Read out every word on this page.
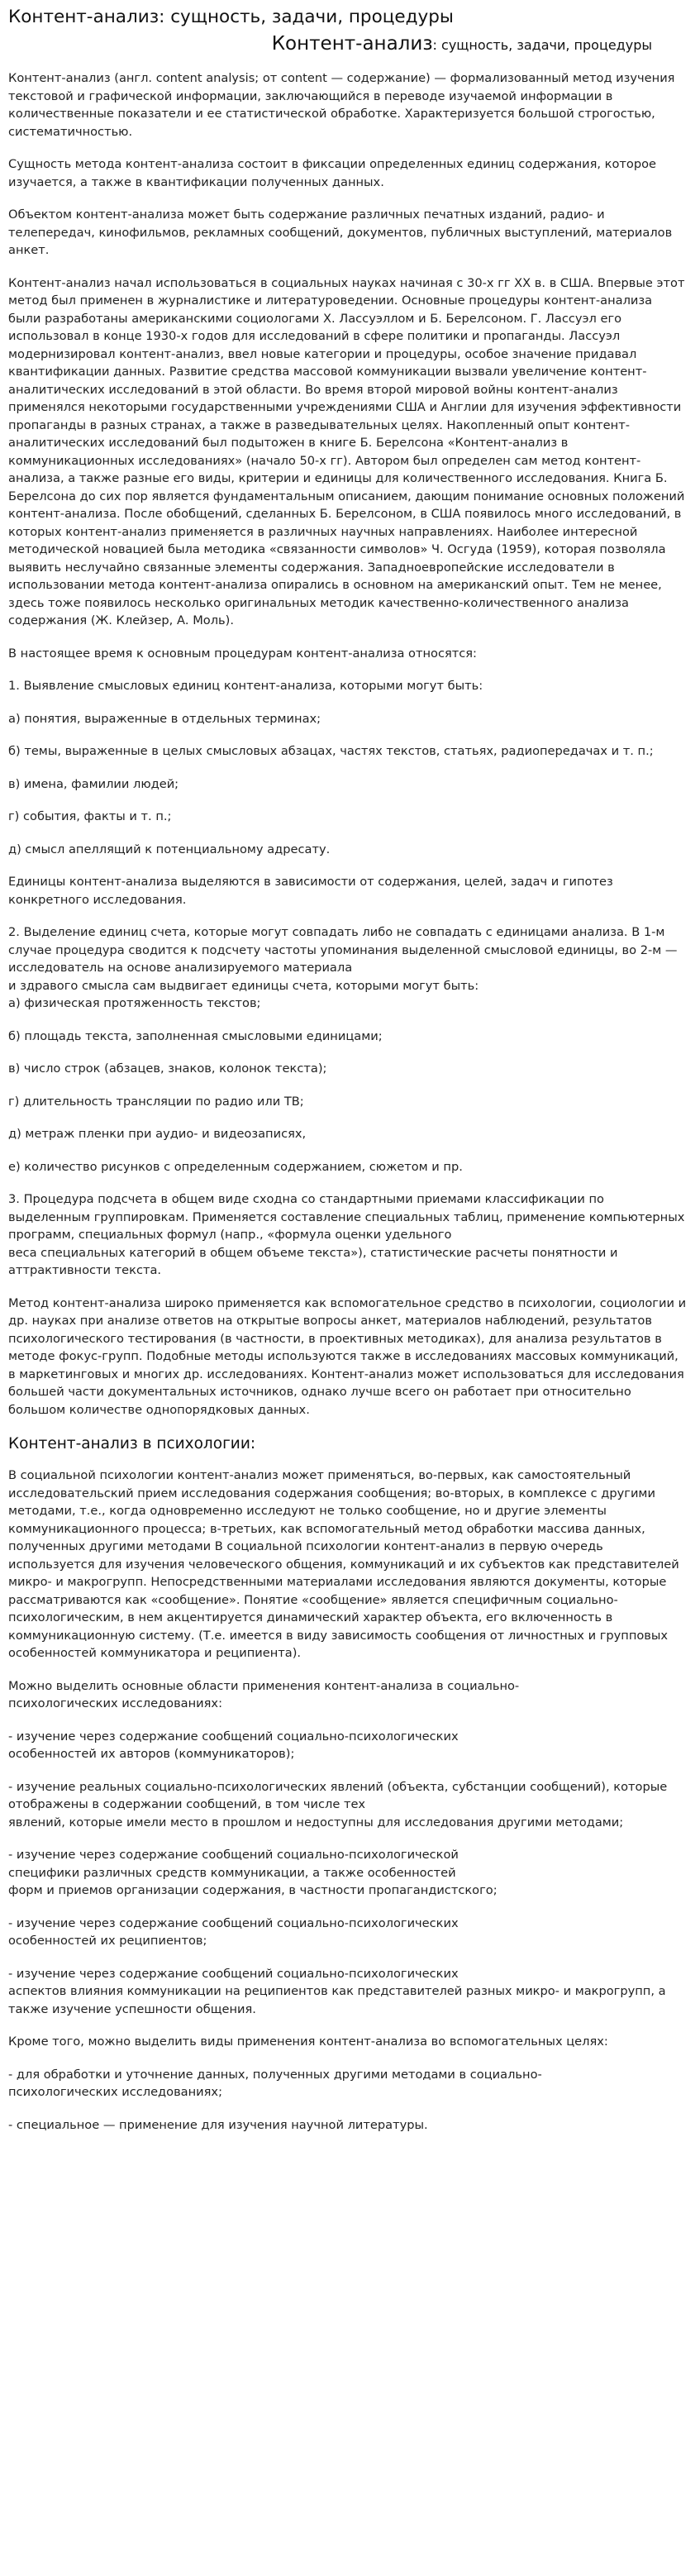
Контент-анализ: сущность, задачи, процедуры
Контент-анализ: сущность, задачи, процедуры

Контент-анализ (англ. content analysis; от content — содержание) — формализованный метод изучения текстовой и графической информации, заключающийся в переводе изучаемой информации в количественные показатели и ее статистической обработке. Характеризуется большой строгостью, систематичностью.

Сущность метода контент-анализа состоит в фиксации определенных единиц содержания, которое изучается, а также в квантификации полученных данных.

Объектом контент-анализа может быть содержание различных печатных изданий, радио- и телепередач, кинофильмов, рекламных сообщений, документов, публичных выступлений, материалов анкет.

Контент-анализ начал использоваться в социальных науках начиная с 30-х гг XX в. в США. Впервые этот метод был применен в журналистике и литературоведении. Основные процедуры контент-анализа были разработаны американскими социологами X. Лассуэллом и Б. Берелсоном. Г. Лассуэл его использовал в конце 1930-х годов для исследований в сфере политики и пропаганды. Лассуэл модернизировал контент-анализ, ввел новые категории и процедуры, особое значение придавал квантификации данных. Развитие средства массовой коммуникации вызвали увеличение контент-аналитических исследований в этой области. Во время второй мировой войны контент-анализ применялся некоторыми государственными учреждениями США и Англии для изучения эффективности пропаганды в разных странах, а также в разведывательных целях. Накопленный опыт контент-аналитических исследований был подытожен в книге Б. Берелсона «Контент-анализ в коммуникационных исследованиях» (начало 50-х гг). Автором был определен сам метод контент-анализа, а также разные его виды, критерии и единицы для количественного исследования. Книга Б. Берелсона до сих пор является фундаментальным описанием, дающим понимание основных положений контент-анализа. После обобщений, сделанных Б. Берелсоном, в США появилось много исследований, в которых контент-анализ применяется в различных научных направлениях. Наиболее интересной методической новацией была методика «связанности символов» Ч. Осгуда (1959), которая позволяла выявить неслучайно связанные элементы содержания. Западноевропейские исследователи в использовании метода контент-анализа опирались в основном на американский опыт. Тем не менее, здесь тоже появилось несколько оригинальных методик качественно-количественного анализа содержания (Ж. Клейзер, А. Моль).

В настоящее время к основным процедурам контент-анализа относятся:

1. Выявление смысловых единиц контент-анализа, которыми могут быть:

а) понятия, выраженные в отдельных терминах;

б) темы, выраженные в целых смысловых абзацах, частях текстов, статьях, радиопередачах и т. п.;

в) имена, фамилии людей;

г) события, факты и т. п.;

д) смысл апеллящий к потенциальному адресату.

Единицы контент-анализа выделяются в зависимости от содержания, целей, задач и гипотез конкретного исследования.

2. Выделение единиц счета, которые могут совпадать либо не совпадать с единицами анализа. В 1-м случае процедура сводится к подсчету частоты упоминания выделенной смысловой единицы, во 2-м — исследователь на основе анализируемого материала
и здравого смысла сам выдвигает единицы счета, которыми могут быть:
а) физическая протяженность текстов;

б) площадь текста, заполненная смысловыми единицами;

в) число строк (абзацев, знаков, колонок текста);

г) длительность трансляции по радио или ТВ;

д) метраж пленки при аудио- и видеозаписях,

е) количество рисунков с определенным содержанием, сюжетом и пр.

3. Процедура подсчета в общем виде сходна со стандартными приемами классификации по выделенным группировкам. Применяется составление специальных таблиц, применение компьютерных программ, специальных формул (напр., «формула оценки удельного
веса специальных категорий в общем объеме текста»), статистические расчеты понятности и аттрактивности текста.

Метод контент-анализа широко применяется как вспомогательное средство в психологии, социологии и др. науках при анализе ответов на открытые вопросы анкет, материалов наблюдений, результатов психологического тестирования (в частности, в проективных методиках), для анализа результатов в методе фокус-групп. Подобные методы используются также в исследованиях массовых коммуникаций, в маркетинговых и многих др. исследованиях. Контент-анализ может использоваться для исследования большей части документальных источников, однако лучше всего он работает при относительно большом количестве однопорядковых данных.

Контент-анализ в психологии:

В социальной психологии контент-анализ может применяться, во-первых, как самостоятельный исследовательский прием исследования содержания сообщения; во-вторых, в комплексе с другими методами, т.е., когда одновременно исследуют не только сообщение, но и другие элементы коммуникационного процесса; в-третьих, как вспомогательный метод обработки массива данных, полученных другими методами В социальной психологии контент-анализ в первую очередь используется для изучения человеческого общения, коммуникаций и их субъектов как представителей микро- и макрогрупп. Непосредственными материалами исследования являются документы, которые рассматриваются как «сообщение». Понятие «сообщение» является специфичным социально-психологическим, в нем акцентируется динамический характер объекта, его включенность в коммуникационную систему. (Т.е. имеется в виду зависимость сообщения от личностных и групповых особенностей коммуникатора и реципиента).

Можно выделить основные области применения контент-анализа в социально-
психологических исследованиях:

- изучение через содержание сообщений социально-психологических
особенностей их авторов (коммуникаторов);

- изучение реальных социально-психологических явлений (объекта, субстанции сообщений), которые отображены в содержании сообщений, в том числе тех
явлений, которые имели место в прошлом и недоступны для исследования другими методами;

- изучение через содержание сообщений социально-психологической
специфики различных средств коммуникации, а также особенностей
форм и приемов организации содержания, в частности пропагандистского;

- изучение через содержание сообщений социально-психологических
особенностей их реципиентов;

- изучение через содержание сообщений социально-психологических
аспектов влияния коммуникации на реципиентов как представителей разных микро- и макрогрупп, а также изучение успешности общения.

Кроме того, можно выделить виды применения контент-анализа во вспомогательных целях:

- для обработки и уточнение данных, полученных другими методами в социально-
психологических исследованиях;

- специальное — применение для изучения научной литературы.
